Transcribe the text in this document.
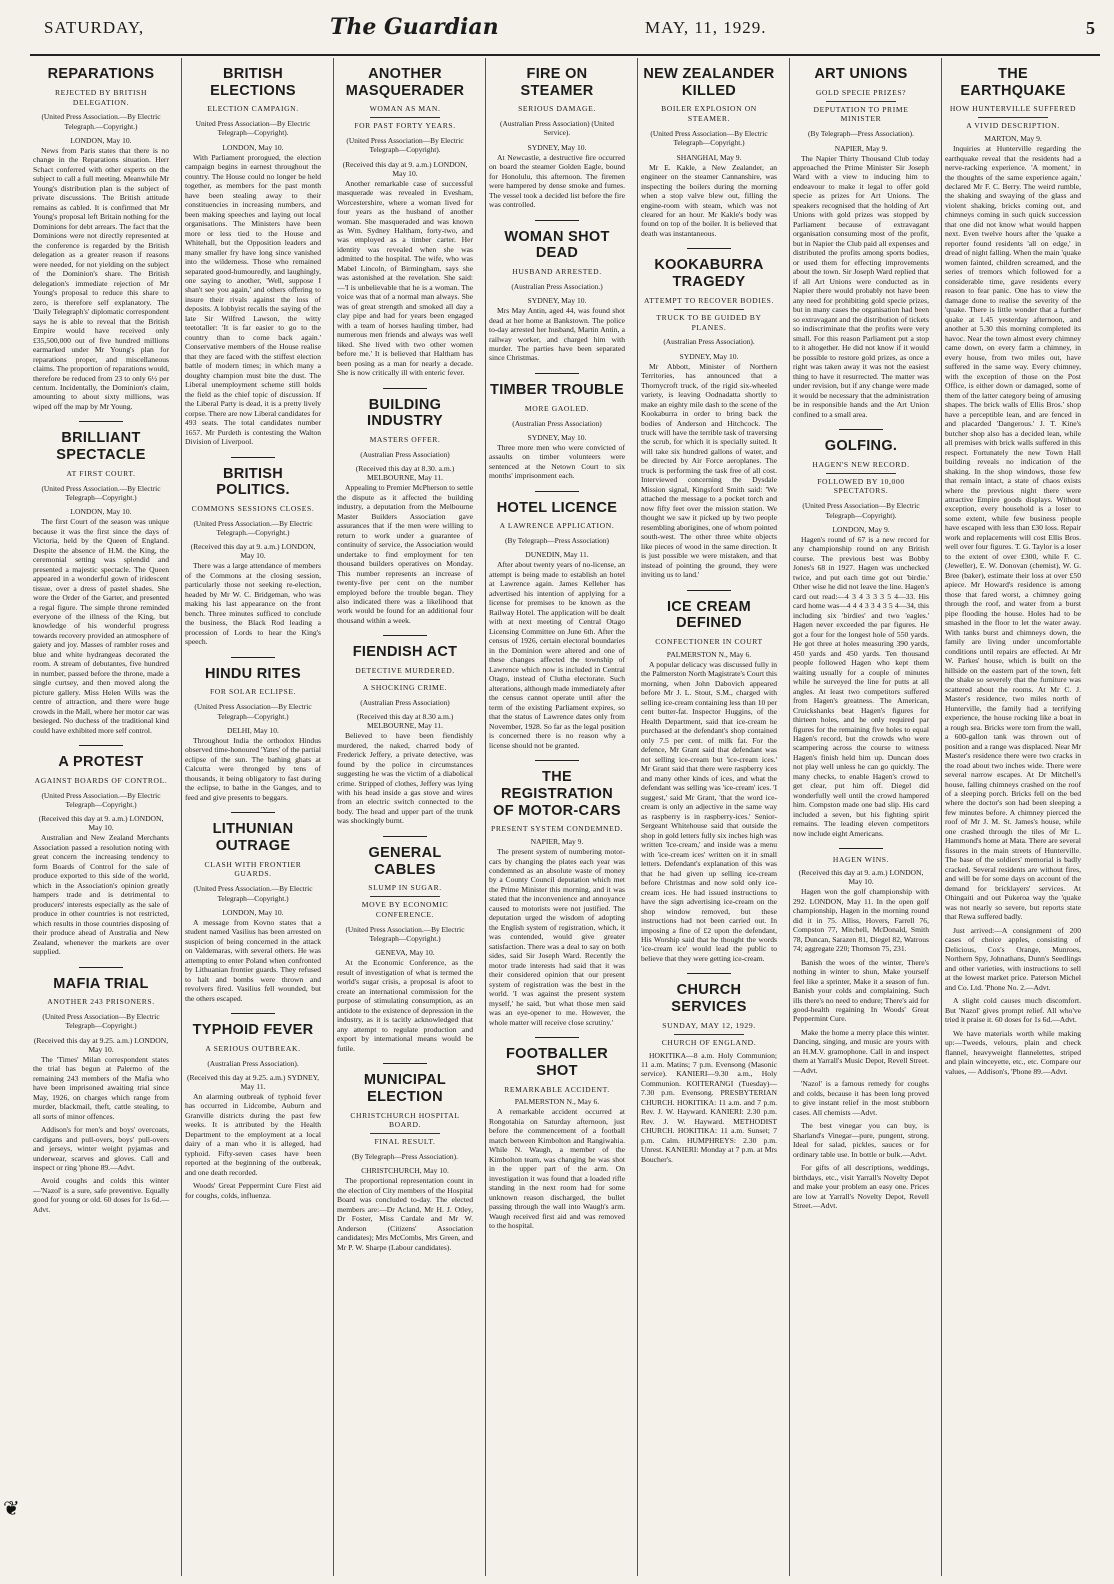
SATURDAY,	The Guardian	MAY, 11, 1929.	5
REPARATIONS
REJECTED BY BRITISH DELEGATION.
(United Press Association.—By Electric Telegraph.—Copyright.)
LONDON, May 10.

News from Paris states that there is no change in the Reparations situation. Herr Schact conferred with other experts on the subject to call a full meeting. Meanwhile Mr Young's distribution plan is the subject of private discussions. The British attitude remains as cabled. It is confirmed that Mr Young's proposal left Britain nothing for the Dominions for debt arrears. The fact that the Dominions were not directly represented at the conference is regarded by the British delegation as a greater reason if reasons were needed, for not yielding on the subject of the Dominion's share. The British delegation's immediate rejection of Mr Young's proposal to reduce this share to zero, is therefore self explanatory. The 'Daily Telegraph's' diplomatic correspondent says he is able to reveal that the British Empire would have received only £35,500,000 out of five hundred millions earmarked under Mr Young's plan for reparations proper, and miscellaneous claims. The proportion of reparations would, therefore be reduced from 23 to only 6½ per centum. Incidentally, the Dominion's claim, amounting to about sixty millions, was wiped off the map by Mr Young.

BRILLIANT SPECTACLE
AT FIRST COURT.
(United Press Association.—By Electric Telegraph—Copyright.)
LONDON, May 10.

The first Court of the season was unique because it was the first since the days of Victoria, held by the Queen of England. Despite the absence of H.M. the King, the ceremonial setting was splendid and presented a majestic spectacle. The Queen appeared in a wonderful gown of iridescent tissue, over a dress of pastel shades. She wore the Order of the Garter, and presented a regal figure. The simple throne reminded everyone of the illness of the King, but knowledge of his wonderful progress towards recovery provided an atmosphere of gaiety and joy. Masses of rambler roses and blue and white hydrangeas decorated the room. A stream of debutantes, five hundred in number, passed before the throne, made a single curtsey, and then moved along the picture gallery. Miss Helen Wills was the centre of attraction, and there were huge crowds in the Mall, where her motor car was besieged. No duchess of the traditional kind could have exhibited more self control.

A PROTEST
AGAINST BOARDS OF CONTROL.
(United Press Association.—By Electric Telegraph—Copyright.)
(Received this day at 9. a.m.) LONDON, May 10.

Australian and New Zealand Merchants Association passed a resolution noting with great concern the increasing tendency to form Boards of Control for the sale of produce exported to this side of the world, which in the Association's opinion greatly hampers trade and is detrimental to producers' interests especially as the sale of produce in other countries is not restricted, which results in those countries disposing of their produce ahead of Australia and New Zealand, whenever the markets are over supplied.

MAFIA TRIAL
ANOTHER 243 PRISONERS.
(United Press Association—By Electric Telegraph—Copyright.)
(Received this day at 9.25. a.m.) LONDON, May 10.

The 'Times' Milan correspondent states the trial has begun at Palermo of the remaining 243 members of the Mafia who have been imprisoned awaiting trial since May, 1926, on charges which range from murder, blackmail, theft, cattle stealing, to all sorts of minor offences.

Addison's for men's and boys' overcoats, cardigans and pull-overs, boys' pull-overs and jerseys, winter weight pyjamas and underwear, scarves and gloves. Call and inspect or ring 'phone 89.—Advt.

Avoid coughs and colds this winter—'Nazol' is a sure, safe preventive. Equally good for young or old. 60 doses for 1s 6d.—Advt.

BRITISH ELECTIONS
ELECTION CAMPAIGN.
United Press Association—By Electric Telegraph—Copyright).
LONDON, May 10.

With Parliament prorogued, the election campaign begins in earnest throughout the country. The House could no longer be held together, as members for the past month have been stealing away to their constituencies in increasing numbers, and been making speeches and laying out local organisations. The Ministers have been more or less tied to the House and Whitehall, but the Opposition leaders and many smaller fry have long since vanished into the wilderness. Those who remained separated good-humouredly, and laughingly, one saying to another, 'Well, suppose I shan't see you again,' and others offering to insure their rivals against the loss of deposits. A lobbyist recalls the saying of the late Sir Wilfred Lawson, the witty teetotaller: 'It is far easier to go to the country than to come back again.' Conservative members of the House realise that they are faced with the stiffest election battle of modern times; in which many a doughty champion must bite the dust. The Liberal unemployment scheme still holds the field as the chief topic of discussion. If the Liberal Party is dead, it is a pretty lively corpse. There are now Liberal candidates for 493 seats. The total candidates number 1657. Mr Purdeth is contesting the Walton Division of Liverpool.

BRITISH POLITICS.
COMMONS SESSIONS CLOSES.
(United Press Association.—By Electric Telegraph.—Copyright.)
(Received this day at 9. a.m.) LONDON, May 10.

There was a large attendance of members of the Commons at the closing session, particularly those not seeking re-election, headed by Mr W. C. Bridgeman, who was making his last appearance on the front bench. Three minutes sufficed to conclude the business, the Black Rod leading a procession of Lords to hear the King's speech.

HINDU RITES
FOR SOLAR ECLIPSE.
(United Press Association—By Electric Telegraph—Copyright.)
DELHI, May 10.

Throughout India the orthodox Hindus observed time-honoured 'Yates' of the partial eclipse of the sun. The bathing ghats at Calcutta were thronged by tens of thousands, it being obligatory to fast during the eclipse, to bathe in the Ganges, and to feed and give presents to beggars.

LITHUNIAN OUTRAGE
CLASH WITH FRONTIER GUARDS.
(United Press Association.—By Electric Telegraph—Copyright.)
LONDON, May 10.

A message from Kovno states that a student named Vasilius has been arrested on suspicion of being concerned in the attack on Valdemaras, with several others. He was attempting to enter Poland when confronted by Lithuanian frontier guards. They refused to halt and bombs were thrown and revolvers fired. Vasilius fell wounded, but the others escaped.

TYPHOID FEVER
A SERIOUS OUTBREAK.
(Australian Press Association).
(Received this day at 9.25. a.m.) SYDNEY, May 11.

An alarming outbreak of typhoid fever has occurred in Lidcombe, Auburn and Granville districts during the past few weeks. It is attributed by the Health Department to the employment at a local dairy of a man who it is alleged, had typhoid. Fifty-seven cases have been reported at the beginning of the outbreak, and one death recorded.

Woods' Great Peppermint Cure First aid for coughs, colds, influenza.

ANOTHER MASQUERADER
WOMAN AS MAN.
FOR PAST FORTY YEARS.
(United Press Association—By Electric Telegraph—Copyright).
(Received this day at 9. a.m.) LONDON, May 10.

Another remarkable case of successful masquerade was revealed in Evesham, Worcestershire, where a woman lived for four years as the husband of another woman. She masqueraded and was known as Wm. Sydney Haltham, forty-two, and was employed as a timber carter. Her identity was revealed when she was admitted to the hospital. The wife, who was Mabel Lincoln, of Birmingham, says she was astonished at the revelation. She said:—'I is unbelievable that he is a woman. The voice was that of a normal man always. She was of great strength and smoked all day a clay pipe and had for years been engaged with a team of horses hauling timber, had numerous men friends and always was well liked. She lived with two other women before me.' It is believed that Haltham has been posing as a man for nearly a decade. She is now critically ill with enteric fever.

BUILDING INDUSTRY
MASTERS OFFER.
(Australian Press Association)
(Received this day at 8.30. a.m.) MELBOURNE, May 11.

Appealing to Premier McPherson to settle the dispute as it affected the building industry, a deputation from the Melbourne Master Builders Association gave assurances that if the men were willing to return to work under a guarantee of continuity of service, the Association would undertake to find employment for ten thousand builders operatives on Monday. This number represents an increase of twenty-five per cent on the number employed before the trouble began. They also indicated there was a likelihood that work would be found for an additional four thousand within a week.

FIENDISH ACT
DETECTIVE MURDERED.
A SHOCKING CRIME.
(Australian Press Association)
(Received this day at 8.30 a.m.) MELBOURNE, May 11.

Believed to have been fiendishly murdered, the naked, charred body of Frederick Jeffery, a private detective, was found by the police in circumstances suggesting he was the victim of a diabolical crime. Stripped of clothes, Jeffery was lying with his head inside a gas stove and wires from an electric switch connected to the body. The head and upper part of the trunk was shockingly burnt.

GENERAL CABLES
SLUMP IN SUGAR.
MOVE BY ECONOMIC CONFERENCE.
(United Press Association.—By Electric Telegraph—Copyright.)
GENEVA, May 10.

At the Economic Conference, as the result of investigation of what is termed the world's sugar crisis, a proposal is afoot to create an international commission for the purpose of stimulating consumption, as an antidote to the existence of depression in the industry, as it is tacitly acknowledged that any attempt to regulate production and export by international means would be futile.

MUNICIPAL ELECTION
CHRISTCHURCH HOSPITAL BOARD.
FINAL RESULT.
(By Telegraph—Press Association).
CHRISTCHURCH, May 10.

The proportional representation count in the election of City members of the Hospital Board was concluded to-day. The elected members are:—Dr Acland, Mr H. J. Otley, Dr Foster, Miss Cardale and Mr W. Anderson (Citizens' Association candidates); Mrs McCombs, Mrs Green, and Mr P. W. Sharpe (Labour candidates).

FIRE ON STEAMER
SERIOUS DAMAGE.
(Australian Press Association) (United Service).
SYDNEY, May 10.

At Newcastle, a destructive fire occurred on board the steamer Golden Eagle, bound for Honolulu, this afternoon. The firemen were hampered by dense smoke and fumes. The vessel took a decided list before the fire was controlled.

WOMAN SHOT DEAD
HUSBAND ARRESTED.
(Australian Press Association.)
SYDNEY, May 10.

Mrs May Antin, aged 44, was found shot dead at her home at Bankstown. The police to-day arrested her husband, Martin Antin, a railway worker, and charged him with murder. The parties have been separated since Christmas.

TIMBER TROUBLE
MORE GAOLED.
(Australian Press Association)
SYDNEY, May 10.

Three more men who were convicted of assaults on timber volunteers were sentenced at the Netown Court to six months' imprisonment each.

HOTEL LICENCE
A LAWRENCE APPLICATION.
(By Telegraph—Press Association)
DUNEDIN, May 11.

After about twenty years of no-license, an attempt is being made to establish an hotel at Lawrence again. James Kelleher has advertised his intention of applying for a license for premises to be known as the Railway Hotel. The application will be dealt with at next meeting of Central Otago Licensing Committee on June 6th. After the census of 1926, certain electoral boundaries in the Dominion were altered and one of these changes affected the township of Lawrence which now is included in Central Otago, instead of Clutha electorate. Such alterations, although made immediately after the census cannot operate until after the term of the existing Parliament expires, so that the status of Lawrence dates only from November, 1928. So far as the legal position is concerned there is no reason why a license should not be granted.

THE REGISTRATION OF MOTOR-CARS
PRESENT SYSTEM CONDEMNED.
NAPIER, May 9.

The present system of numbering motor-cars by changing the plates each year was condemned as an absolute waste of money by a County Council deputation which met the Prime Minister this morning, and it was stated that the inconvenience and annoyance caused to motorists were not justified. The deputation urged the wisdom of adopting the English system of registration, which, it was contended, would give greater satisfaction. There was a deal to say on both sides, said Sir Joseph Ward. Recently the motor trade interests had said that it was their considered opinion that our present system of registration was the best in the world. 'I was against the present system myself,' he said, 'but what those men said was an eye-opener to me. However, the whole matter will receive close scrutiny.'

FOOTBALLER SHOT
REMARKABLE ACCIDENT.
PALMERSTON N., May 6.

A remarkable accident occurred at Rongotahia on Saturday afternoon, just before the commencement of a football match between Kimbolton and Rangiwahia. While N. Waugh, a member of the Kimbolton team, was changing he was shot in the upper part of the arm. On investigation it was found that a loaded rifle standing in the next room had for some unknown reason discharged, the bullet passing through the wall into Waugh's arm. Waugh received first aid and was removed to the hospital.

NEW ZEALANDER KILLED
BOILER EXPLOSION ON STEAMER.
(United Press Association—By Electric Telegraph—Copyright.)
SHANGHAI, May 9.

Mr E. Kakle, a New Zealander, an engineer on the steamer Cannanshire, was inspecting the boilers during the morning when a stop valve blew out, filling the engine-room with steam, which was not cleared for an hour. Mr Kakle's body was found on top of the boiler. It is believed that death was instantaneous.

KOOKABURRA TRAGEDY
ATTEMPT TO RECOVER BODIES.
TRUCK TO BE GUIDED BY PLANES.
(Australian Press Association).
SYDNEY, May 10.

Mr Abbott, Minister of Northern Territories, has announced that a Thornycroft truck, of the rigid six-wheeled variety, is leaving Oodnadatta shortly to make an eighty mile dash to the scene of the Kookaburra in order to bring back the bodies of Anderson and Hitchcock. The truck will have the terrible task of traversing the scrub, for which it is specially suited. It will take six hundred gallons of water, and be directed by Air Force aeroplanes. The truck is performing the task free of all cost. Interviewed concerning the Dysdale Mission signal, Kingsford Smith said: 'We attached the message to a pocket torch and now fifty feet over the mission station. We thought we saw it picked up by two people resembling aborigines, one of whom pointed south-west. The other three white objects like pieces of wood in the same direction. It is just possible we were mistaken, and that instead of pointing the ground, they were inviting us to land.'

ICE CREAM DEFINED
CONFECTIONER IN COURT
PALMERSTON N., May 6.

A popular delicacy was discussed fully in the Palmerston North Magistrate's Court this morning, when John Dabovich appeared before Mr J. L. Stout, S.M., charged with selling ice-cream containing less than 10 per cent butter-fat. Inspector Huggins, of the Health Department, said that ice-cream he purchased at the defendant's shop contained only 7.5 per cent. of milk fat. For the defence, Mr Grant said that defendant was not selling ice-cream but 'ice-cream ices.' Mr Grant said that there were raspberry ices and many other kinds of ices, and what the defendant was selling was 'ice-cream' ices. 'I suggest,' said Mr Grant, 'that the word ice-cream is only an adjective in the same way as raspberry is in raspberry-ices.' Senior-Sergeant Whitehouse said that outside the shop in gold letters fully six inches high was written 'Ice-cream,' and inside was a menu with 'ice-cream ices' written on it in small letters. Defendant's explanation of this was that he had given up selling ice-cream before Christmas and now sold only ice-cream ices. He had issued instructions to have the sign advertising ice-cream on the shop window removed, but these instructions had not been carried out. In imposing a fine of £2 upon the defendant, His Worship said that he thought the words 'ice-cream ice' would lead the public to believe that they were getting ice-cream.

CHURCH SERVICES
SUNDAY, MAY 12, 1929.
CHURCH OF ENGLAND.

HOKITIKA—8 a.m. Holy Communion; 11 a.m. Matins; 7 p.m. Evensong (Masonic service). KANIERI—9.30 a.m., Holy Communion. KOITERANGI (Tuesday)—7.30 p.m. Evensong. PRESBYTERIAN CHURCH. HOKITIKA: 11 a.m. and 7 p.m. Rev. J. W. Hayward. KANIERI: 2.30 p.m. Rev. J. W. Hayward. METHODIST CHURCH. HOKITIKA: 11 a.m. Sunset; 7 p.m. Calm. HUMPHREYS: 2.30 p.m. Unrest. KANIERI: Monday at 7 p.m. at Mrs Boucher's.

ART UNIONS
GOLD SPECIE PRIZES?
DEPUTATION TO PRIME MINISTER
(By Telegraph—Press Association).
NAPIER, May 9.

The Napier Thirty Thousand Club today approached the Prime Minister Sir Joseph Ward with a view to inducing him to endeavour to make it legal to offer gold specie as prizes for Art Unions. The speakers recognised that the holding of Art Unions with gold prizes was stopped by Parliament because of extravagant organisation consuming most of the profit, but in Napier the Club paid all expenses and distributed the profits among sports bodies, or used them for effecting improvements about the town. Sir Joseph Ward replied that if all Art Unions were conducted as in Napier there would probably not have been any need for prohibiting gold specie prizes, but in many cases the organisation had been so extravagant and the distribution of tickets so indiscriminate that the profits were very small. For this reason Parliament put a stop to it altogether. He did not know if it would be possible to restore gold prizes, as once a right was taken away it was not the easiest thing to have it resurrected. The matter was under revision, but if any change were made it would be necessary that the administration be in responsible hands and the Art Union confined to a small area.

GOLFING.
HAGEN'S NEW RECORD.
FOLLOWED BY 10,000 SPECTATORS.
(United Press Association—By Electric Telegraph—Copyright).
LONDON, May 9.

Hagen's round of 67 is a new record for any championship round on any British course. The previous best was Bobby Jones's 68 in 1927. Hagen was unchecked twice, and put each time got out 'birdie.' Other wise he did not leave the line. Hagen's card out read:—4 3 4 3 3 3 5 4—33. His card home was—4 4 4 3 3 4 3 5 4—34, this including six 'birdies' and two 'eagles.' Hagen never exceeded the par figures. He got a four for the longest hole of 550 yards. He got three at holes measuring 390 yards, 450 yards and 450 yards. Ten thousand people followed Hagen who kept them waiting usually for a couple of minutes while he surveyed the line for putts at all angles. At least two competitors suffered from Hagen's greatness. The American, Cruickshanks beat Hagen's figures for thirteen holes, and he only required par figures for the remaining five holes to equal Hagen's record, but the crowds who were scampering across the course to witness Hagen's finish held him up. Duncan does not play well unless he can go quickly. The many checks, to enable Hagen's crowd to get clear, put him off. Diegel did wonderfully well until the crowd hampered him. Compston made one bad slip. His card included a seven, but his fighting spirit remains. The leading eleven competitors now include eight Americans.

HAGEN WINS.
(Received this day at 9. a.m.) LONDON, May 10.

Hagen won the golf championship with 292. LONDON, May 11. In the open golf championship, Hagen in the morning round did it in 75. Alliss, Hovers, Farrell 76, Compston 77, Mitchell, McDonald, Smith 78, Duncan, Sarazen 81, Diegel 82, Watrous 74; aggregate 220; Thomson 75, 231.

Banish the woes of the winter, There's nothing in winter to shun, Make yourself feel like a sprinter, Make it a season of fun. Banish your colds and complaining, Such ills there's no need to endure; There's aid for good-health regaining In Woods' Great Peppermint Cure.

Make the home a merry place this winter. Dancing, singing, and music are yours with an H.M.V. gramophone. Call in and inspect them at Yarrall's Music Depot, Revell Street.—Advt.

'Nazol' is a famous remedy for coughs and colds, because it has been long proved to give instant relief in the most stubborn cases. All chemists —Advt.

The best vinegar you can buy, is Sharland's Vinegar—pure, pungent, strong. Ideal for salad, pickles, sauces or for ordinary table use. In bottle or bulk.—Advt.

For gifts of all descriptions, weddings, birthdays, etc., visit Yarrall's Novelty Depot and make your problem an easy one. Prices are low at Yarrall's Novelty Depot, Revell Street.—Advt.

THE EARTHQUAKE
HOW HUNTERVILLE SUFFERED
A VIVID DESCRIPTION.
MARTON, May 9.

Inquiries at Hunterville regarding the earthquake reveal that the residents had a nerve-racking experience. 'A moment,' in the thoughts of the same experience again,' declared Mr F. C. Berry. The weird rumble, the shaking and swaying of the glass and violent shaking, bricks coming out, and chimneys coming in such quick succession that one did not know what would happen next. Even twelve hours after the 'quake a reporter found residents 'all on edge,' in dread of night falling. When the main 'quake women fainted, children screamed, and the series of tremors which followed for a considerable time, gave residents every reason to fear panic. One has to view the damage done to realise the severity of the 'quake. There is little wonder that a further quake at 1.45 yesterday afternoon, and another at 5.30 this morning completed its havoc. Near the town almost every chimney came down, on every farm a chimney, in every house, from two miles out, have suffered in the same way. Every chimney, with the exception of those on the Post Office, is either down or damaged, some of them of the latter category being of amusing shapes. The brick walls of Ellis Bros.' shop have a perceptible lean, and are fenced in and placarded 'Dangerous.' J. T. Kine's butcher shop also has a decided lean, while all premises with brick walls suffered in this respect. Fortunately the new Town Hall building reveals no indication of the shaking. In the shop windows, those few that remain intact, a state of chaos exists where the previous night there were attractive Empire goods displays. Without exception, every household is a loser to some extent, while few business people have escaped with less than £30 loss. Repair work and replacements will cost Ellis Bros. well over four figures. T. G. Taylor is a loser to the extent of over £300, while F. C. (Jeweller), E. W. Donovan (chemist), W. G. Bree (baker), estimate their loss at over £50 apiece. Mr Howard's residence is among those that fared worst, a chimney going through the roof, and water from a burst pipe flooding the house. Holes had to be smashed in the floor to let the water away. With tanks burst and chimneys down, the family are living under uncomfortable conditions until repairs are effected. At Mr W. Parkes' house, which is built on the hillside on the eastern part of the town, felt the shake so severely that the furniture was scattered about the rooms. At Mr C. J. Master's residence, two miles north of Hunterville, the family had a terrifying experience, the house rocking like a boat in a rough sea. Bricks were torn from the wall, a 600-gallon tank was thrown out of position and a range was displaced. Near Mr Master's residence there were two cracks in the road about two inches wide. There were several narrow escapes. At Dr Mitchell's house, falling chimneys crashed on the roof of a sleeping porch. Bricks fell on the bed where the doctor's son had been sleeping a few minutes before. A chimney pierced the roof of Mr J. M. St. James's house, while one crashed through the tiles of Mr L. Hammond's home at Mata. There are several fissures in the main streets of Hunterville. The base of the soldiers' memorial is badly cracked. Several residents are without fires, and will be for some days on account of the demand for bricklayers' services. At Ohingaiti and out Pukeroa way the 'quake was not nearly so severe, but reports state that Rewa suffered badly.

Just arrived:—A consignment of 200 cases of choice apples, consisting of Delicious, Cox's Orange, Munroes, Northern Spy, Johnathans, Dunn's Seedlings and other varieties, with instructions to sell at the lowest market price. Paterson Michel and Co. Ltd. 'Phone No. 2.—Advt.

A slight cold causes much discomfort. But 'Nazol' gives prompt relief. All who've tried it praise it. 60 doses for 1s 6d.—Advt.

We have materials worth while making up:—Tweeds, velours, plain and check flannel, heavyweight flannelettes, striped and plain winceyette, etc., etc. Compare our values, — Addison's, 'Phone 89.—Advt.

❦
